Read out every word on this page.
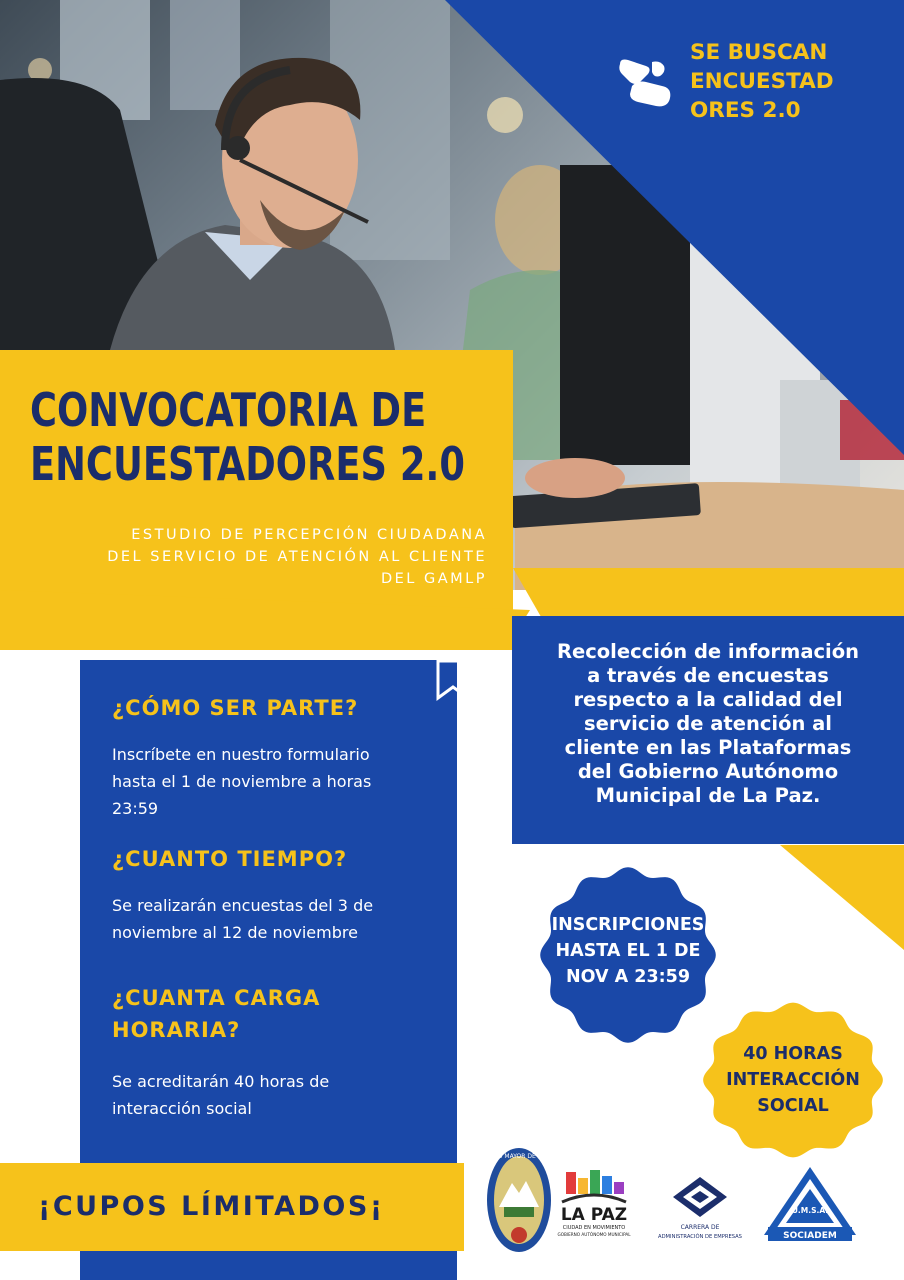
SE BUSCAN
ENCUESTAD
ORES 2.0
CONVOCATORIA DE
ENCUESTADORES 2.0
ESTUDIO DE PERCEPCIÓN CIUDADANA
DEL SERVICIO DE ATENCIÓN AL CLIENTE
DEL GAMLP
¿CÓMO SER PARTE?
Inscríbete en nuestro formulario
hasta el 1 de noviembre a horas
23:59
¿CUANTO TIEMPO?
Se realizarán encuestas del 3 de
noviembre al 12 de noviembre
¿CUANTA CARGA
HORARIA?
Se acreditarán 40 horas de
interacción social
Recolección de información
a través de encuestas
respecto a la calidad del
servicio de atención al
cliente en las Plataformas
del Gobierno Autónomo
Municipal de La Paz.
INSCRIPCIONES
HASTA EL 1 DE
NOV A 23:59
40 HORAS
INTERACCIÓN
SOCIAL
¡CUPOS LÍMITADOS¡
UNIVERSIDAD MAYOR DE SAN ANDRÉS
LA PAZ
CIUDAD EN MOVIMIENTO
GOBIERNO AUTÓNOMO MUNICIPAL
CARRERA DE
ADMINISTRACIÓN DE EMPRESAS
U.M.S.A.
SOCIADEM
